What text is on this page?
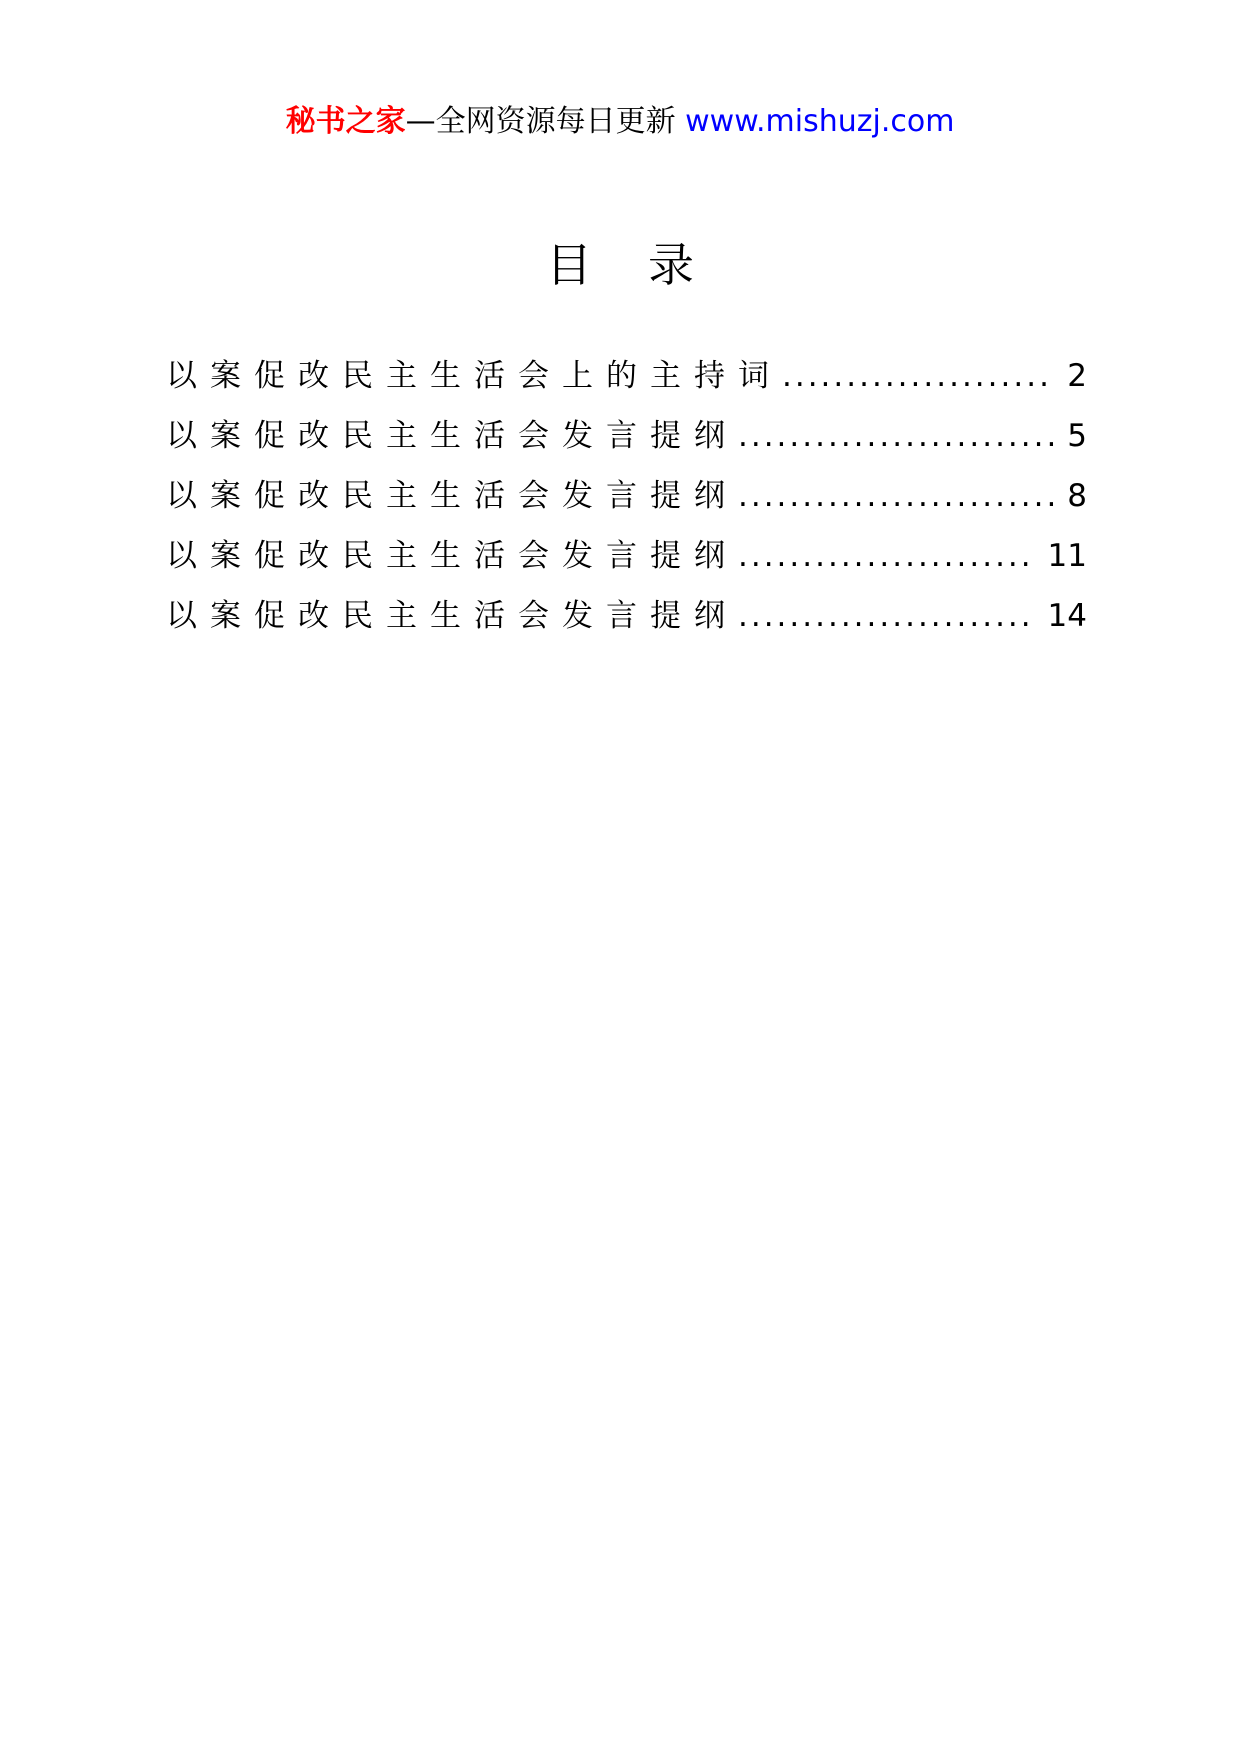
秘书之家—全网资源每日更新 www.mishuzj.com
目录
以案促改民主生活会上的主持词 .....	2
以案促改民主生活会发言提纲 .....	5
以案促改民主生活会发言提纲 .....	8
以案促改民主生活会发言提纲 .....	11
以案促改民主生活会发言提纲 .....	14
